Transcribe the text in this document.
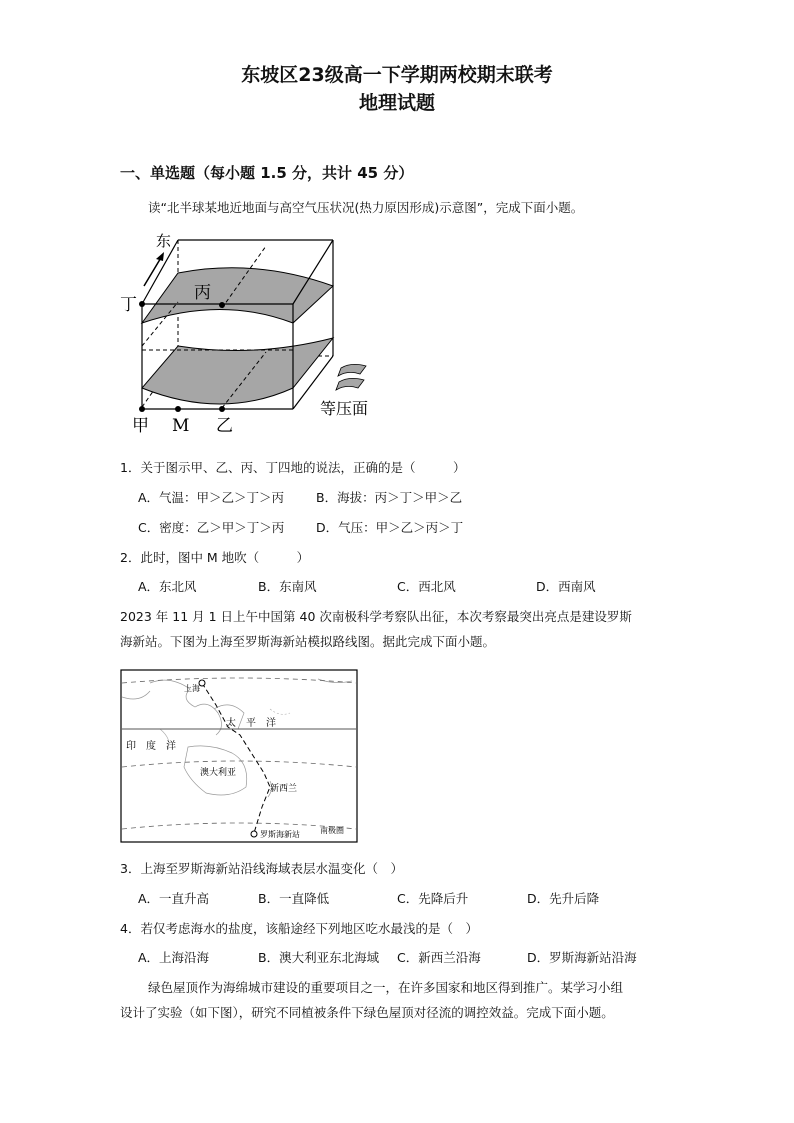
东坡区23级高一下学期两校期末联考
地理试题
一、单选题（每小题 1.5 分，共计 45 分）
读“北半球某地近地面与高空气压状况(热力原因形成)示意图”，完成下面小题。
东
丁
丙
甲 M 乙
等压面
1．关于图示甲、乙、丙、丁四地的说法，正确的是（　　　）
A．气温：甲＞乙＞丁＞丙	B．海拔：丙＞丁＞甲＞乙
C．密度：乙＞甲＞丁＞丙	D．气压：甲＞乙＞丙＞丁
2．此时，图中 M 地吹（　　　）
A．东北风	B．东南风	C．西北风	D．西南风
2023 年 11 月 1 日上午中国第 40 次南极科学考察队出征，本次考察最突出亮点是建设罗斯
海新站。下图为上海至罗斯海新站模拟路线图。据此完成下面小题。
上海
太　平　洋
印　度　洋
澳大利亚
新西兰
罗斯海新站	南极圈
3．上海至罗斯海新站沿线海域表层水温变化（　）
A．一直升高	B．一直降低	C．先降后升	D．先升后降
4．若仅考虑海水的盐度，该船途经下列地区吃水最浅的是（　）
A．上海沿海	B．澳大利亚东北海域 C．新西兰沿海	D．罗斯海新站沿海
绿色屋顶作为海绵城市建设的重要项目之一，在许多国家和地区得到推广。某学习小组
设计了实验（如下图），研究不同植被条件下绿色屋顶对径流的调控效益。完成下面小题。
